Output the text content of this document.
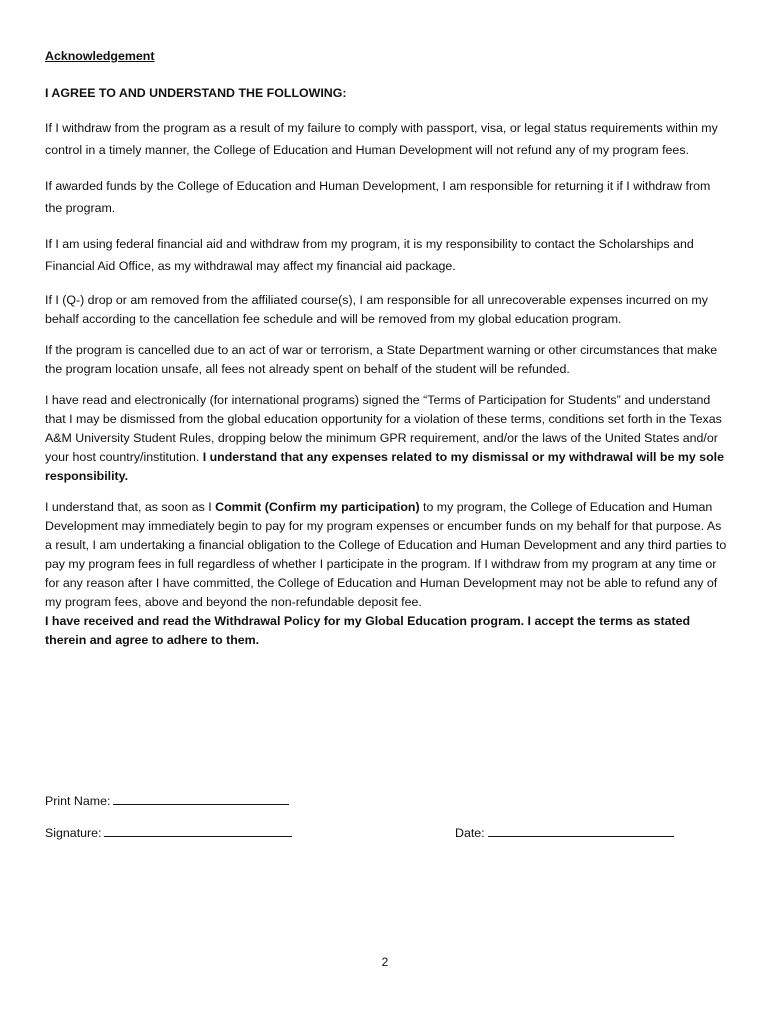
Acknowledgement
I AGREE TO AND UNDERSTAND THE FOLLOWING:

If I withdraw from the program as a result of my failure to comply with passport, visa, or legal status requirements within my control in a timely manner, the College of Education and Human Development will not refund any of my program fees.

If awarded funds by the College of Education and Human Development, I am responsible for returning it if I withdraw from the program.

If I am using federal financial aid and withdraw from my program, it is my responsibility to contact the Scholarships and Financial Aid Office, as my withdrawal may affect my financial aid package.

If I (Q-) drop or am removed from the affiliated course(s), I am responsible for all unrecoverable expenses incurred on my behalf according to the cancellation fee schedule and will be removed from my global education program.

If the program is cancelled due to an act of war or terrorism, a State Department warning or other circumstances that make the program location unsafe, all fees not already spent on behalf of the student will be refunded.

I have read and electronically (for international programs) signed the “Terms of Participation for Students” and understand that I may be dismissed from the global education opportunity for a violation of these terms, conditions set forth in the Texas A&M University Student Rules, dropping below the minimum GPR requirement, and/or the laws of the United States and/or your host country/institution. I understand that any expenses related to my dismissal or my withdrawal will be my sole responsibility.

I understand that, as soon as I Commit (Confirm my participation) to my program, the College of Education and Human Development may immediately begin to pay for my program expenses or encumber funds on my behalf for that purpose. As a result, I am undertaking a financial obligation to the College of Education and Human Development and any third parties to pay my program fees in full regardless of whether I participate in the program. If I withdraw from my program at any time or for any reason after I have committed, the College of Education and Human Development may not be able to refund any of my program fees, above and beyond the non-refundable deposit fee.

I have received and read the Withdrawal Policy for my Global Education program. I accept the terms as stated therein and agree to adhere to them.

Print Name:
Signature:	Date:
2
